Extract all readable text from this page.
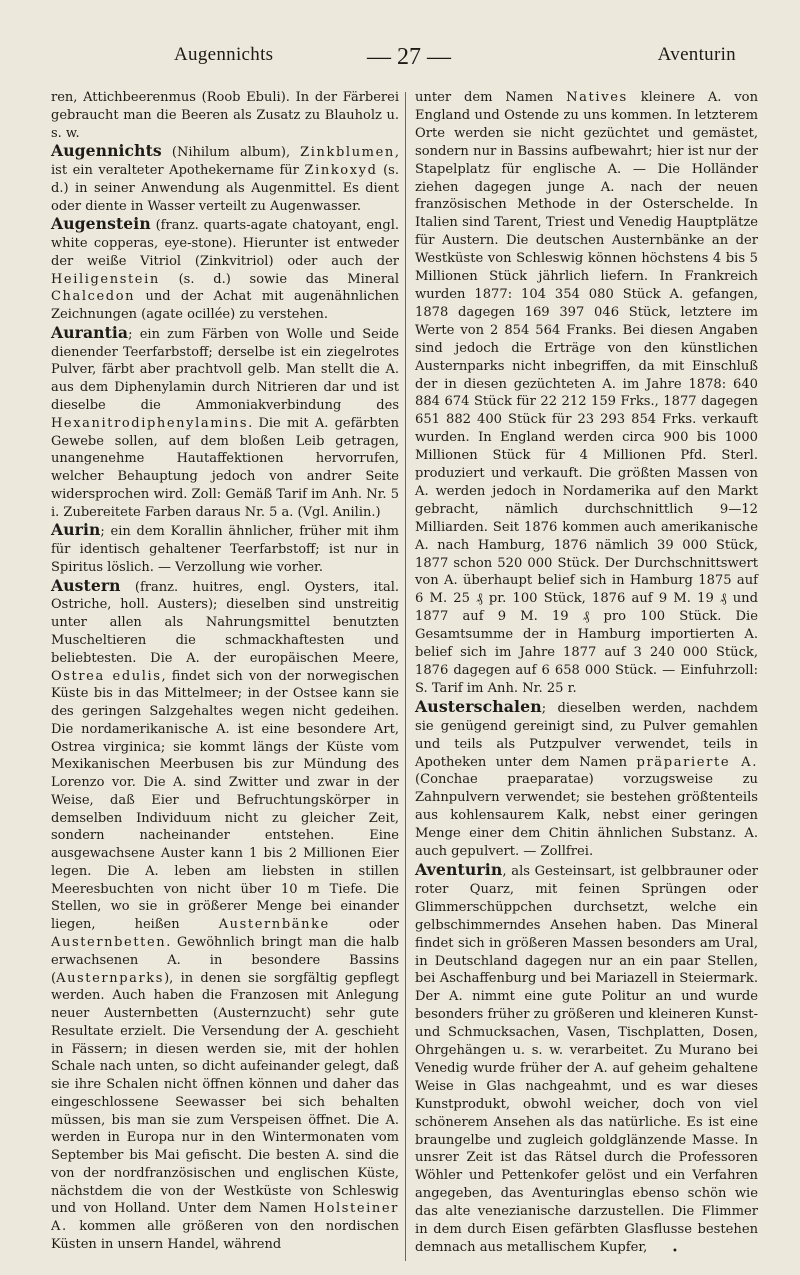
Augennichts	— 27 —	Aventurin

ren, Attichbeerenmus (Roob Ebuli). In der Färberei gebraucht man die Beeren als Zusatz zu Blauholz u. s. w.

Augennichts (Nihilum album), Zinkblumen, ist ein veralteter Apothekername für Zinkoxyd (s. d.) in seiner Anwendung als Augenmittel. Es dient oder diente in Wasser verteilt zu Augenwasser.

Augenstein (franz. quarts-agate chatoyant, engl. white copperas, eye-stone). Hierunter ist entweder der weiße Vitriol (Zinkvitriol) oder auch der Heiligenstein (s. d.) sowie das Mineral Chalcedon und der Achat mit augenähnlichen Zeichnungen (agate ocillée) zu verstehen.

Aurantia; ein zum Färben von Wolle und Seide dienender Teerfarbstoff; derselbe ist ein ziegelrotes Pulver, färbt aber prachtvoll gelb. Man stellt die A. aus dem Diphenylamin durch Nitrieren dar und ist dieselbe die Ammoniakverbindung des Hexanitrodiphenylamins. Die mit A. gefärbten Gewebe sollen, auf dem bloßen Leib getragen, unangenehme Hautaffektionen hervorrufen, welcher Behauptung jedoch von andrer Seite widersprochen wird. Zoll: Gemäß Tarif im Anh. Nr. 5 i. Zubereitete Farben daraus Nr. 5 a. (Vgl. Anilin.)

Aurin; ein dem Korallin ähnlicher, früher mit ihm für identisch gehaltener Teerfarbstoff; ist nur in Spiritus löslich. — Verzollung wie vorher.

Austern (franz. huitres, engl. Oysters, ital. Ostriche, holl. Austers); dieselben sind unstreitig unter allen als Nahrungsmittel benutzten Muscheltieren die schmackhaftesten und beliebtesten. Die A. der europäischen Meere, Ostrea edulis, findet sich von der norwegischen Küste bis in das Mittelmeer; in der Ostsee kann sie des geringen Salzgehaltes wegen nicht gedeihen. Die nordamerikanische A. ist eine besondere Art, Ostrea virginica; sie kommt längs der Küste vom Mexikanischen Meerbusen bis zur Mündung des Lorenzo vor. Die A. sind Zwitter und zwar in der Weise, daß Eier und Befruchtungskörper in demselben Individuum nicht zu gleicher Zeit, sondern nacheinander entstehen. Eine ausgewachsene Auster kann 1 bis 2 Millionen Eier legen. Die A. leben am liebsten in stillen Meeresbuchten von nicht über 10 m Tiefe. Die Stellen, wo sie in größerer Menge bei einander liegen, heißen Austernbänke oder Austernbetten. Gewöhnlich bringt man die halb erwachsenen A. in besondere Bassins (Austernparks), in denen sie sorgfältig gepflegt werden. Auch haben die Franzosen mit Anlegung neuer Austernbetten (Austernzucht) sehr gute Resultate erzielt. Die Versendung der A. geschieht in Fässern; in diesen werden sie, mit der hohlen Schale nach unten, so dicht aufeinander gelegt, daß sie ihre Schalen nicht öffnen können und daher das eingeschlossene Seewasser bei sich behalten müssen, bis man sie zum Verspeisen öffnet. Die A. werden in Europa nur in den Wintermonaten vom September bis Mai gefischt. Die besten A. sind die von der nordfranzösischen und englischen Küste, nächstdem die von der Westküste von Schleswig und von Holland. Unter dem Namen Holsteiner A. kommen alle größeren von den nordischen Küsten in unsern Handel, während

unter dem Namen Natives kleinere A. von England und Ostende zu uns kommen. In letzterem Orte werden sie nicht gezüchtet und gemästet, sondern nur in Bassins aufbewahrt; hier ist nur der Stapelplatz für englische A. — Die Holländer ziehen dagegen junge A. nach der neuen französischen Methode in der Osterschelde. In Italien sind Tarent, Triest und Venedig Hauptplätze für Austern. Die deutschen Austernbänke an der Westküste von Schleswig können höchstens 4 bis 5 Millionen Stück jährlich liefern. In Frankreich wurden 1877: 104 354 080 Stück A. gefangen, 1878 dagegen 169 397 046 Stück, letztere im Werte von 2 854 564 Franks. Bei diesen Angaben sind jedoch die Erträge von den künstlichen Austernparks nicht inbegriffen, da mit Einschluß der in diesen gezüchteten A. im Jahre 1878: 640 884 674 Stück für 22 212 159 Frks., 1877 dagegen 651 882 400 Stück für 23 293 854 Frks. verkauft wurden. In England werden circa 900 bis 1000 Millionen Stück für 4 Millionen Pfd. Sterl. produziert und verkauft. Die größten Massen von A. werden jedoch in Nordamerika auf den Markt gebracht, nämlich durchschnittlich 9—12 Milliarden. Seit 1876 kommen auch amerikanische A. nach Hamburg, 1876 nämlich 39 000 Stück, 1877 schon 520 000 Stück. Der Durchschnittswert von A. überhaupt belief sich in Hamburg 1875 auf 6 M. 25 ₰ pr. 100 Stück, 1876 auf 9 M. 19 ₰ und 1877 auf 9 M. 19 ₰ pro 100 Stück. Die Gesamtsumme der in Hamburg importierten A. belief sich im Jahre 1877 auf 3 240 000 Stück, 1876 dagegen auf 6 658 000 Stück. — Einfuhrzoll: S. Tarif im Anh. Nr. 25 r.

Austerschalen; dieselben werden, nachdem sie genügend gereinigt sind, zu Pulver gemahlen und teils als Putzpulver verwendet, teils in Apotheken unter dem Namen präparierte A. (Conchae praeparatae) vorzugsweise zu Zahnpulvern verwendet; sie bestehen größtenteils aus kohlensaurem Kalk, nebst einer geringen Menge einer dem Chitin ähnlichen Substanz. A. auch gepulvert. — Zollfrei.

Aventurin, als Gesteinsart, ist gelbbrauner oder roter Quarz, mit feinen Sprüngen oder Glimmerschüppchen durchsetzt, welche ein gelbschimmerndes Ansehen haben. Das Mineral findet sich in größeren Massen besonders am Ural, in Deutschland dagegen nur an ein paar Stellen, bei Aschaffenburg und bei Mariazell in Steiermark. Der A. nimmt eine gute Politur an und wurde besonders früher zu größeren und kleineren Kunst- und Schmucksachen, Vasen, Tischplatten, Dosen, Ohrgehängen u. s. w. verarbeitet. Zu Murano bei Venedig wurde früher der A. auf geheim gehaltene Weise in Glas nachgeahmt, und es war dieses Kunstprodukt, obwohl weicher, doch von viel schönerem Ansehen als das natürliche. Es ist eine braungelbe und zugleich goldglänzende Masse. In unsrer Zeit ist das Rätsel durch die Professoren Wöhler und Pettenkofer gelöst und ein Verfahren angegeben, das Aventuringlas ebenso schön wie das alte venezianische darzustellen. Die Flimmer in dem durch Eisen gefärbten Glasflusse bestehen demnach aus metallischem Kupfer,	•
